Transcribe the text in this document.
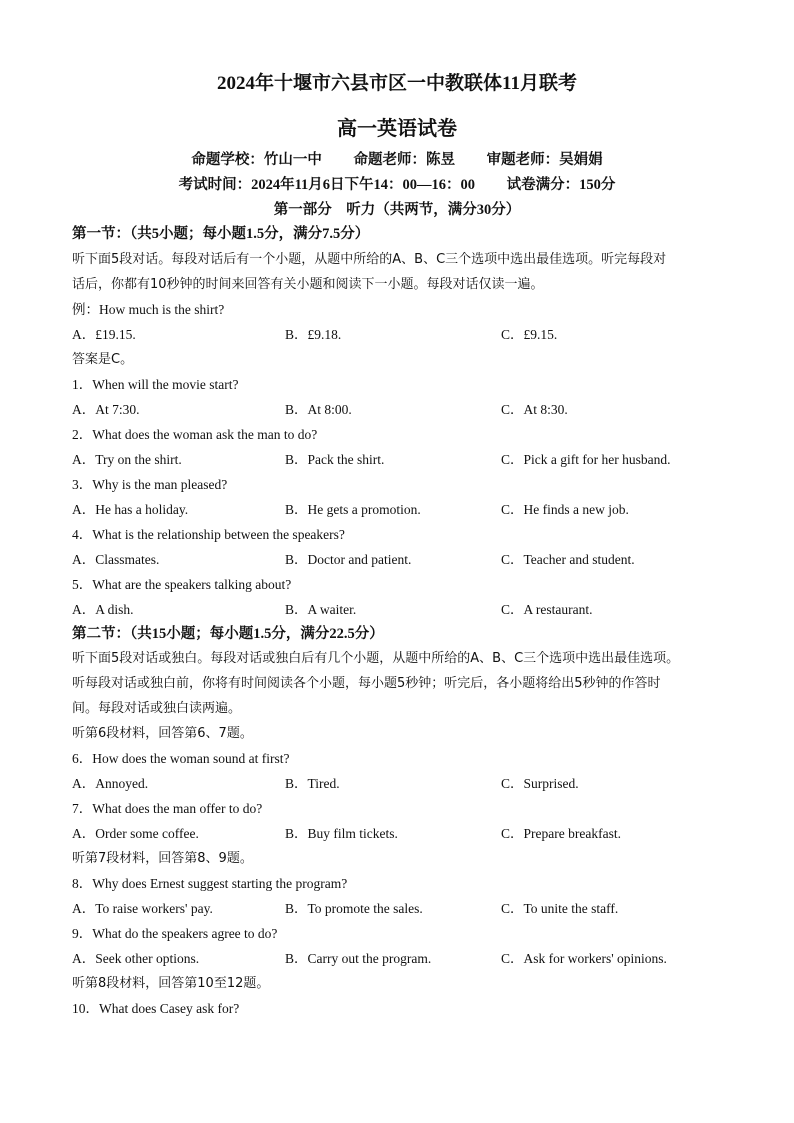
2024年十堰市六县市区一中教联体11月联考
高一英语试卷
命题学校：竹山一中 命题老师：陈昱 审题老师：吴娟娟
考试时间：2024年11月6日下午14：00—16：00 试卷满分：150分
第一部分　听力（共两节，满分30分）
第一节：（共5小题；每小题1.5分，满分7.5分）
听下面5段对话。每段对话后有一个小题，从题中所给的A、B、C三个选项中选出最佳选项。听完每段对
话后，你都有10秒钟的时间来回答有关小题和阅读下一小题。每段对话仅读一遍。
例：How much is the shirt?
A．£19.15.	B．£9.18.	C．£9.15.
答案是C。
1．When will the movie start?
A．At 7:30.	B．At 8:00.	C．At 8:30.
2．What does the woman ask the man to do?
A．Try on the shirt.	B．Pack the shirt.	C．Pick a gift for her husband.
3．Why is the man pleased?
A．He has a holiday.	B．He gets a promotion.	C．He finds a new job.
4．What is the relationship between the speakers?
A．Classmates.	B．Doctor and patient.	C．Teacher and student.
5．What are the speakers talking about?
A．A dish.	B．A waiter.	C．A restaurant.
第二节：（共15小题；每小题1.5分，满分22.5分）
听下面5段对话或独白。每段对话或独白后有几个小题，从题中所给的A、B、C三个选项中选出最佳选项。
听每段对话或独白前，你将有时间阅读各个小题，每小题5秒钟；听完后，各小题将给出5秒钟的作答时
间。每段对话或独白读两遍。
听第6段材料，回答第6、7题。
6．How does the woman sound at first?
A．Annoyed.	B．Tired.	C．Surprised.
7．What does the man offer to do?
A．Order some coffee.	B．Buy film tickets.	C．Prepare breakfast.
听第7段材料，回答第8、9题。
8．Why does Ernest suggest starting the program?
A．To raise workers' pay.	B．To promote the sales.	C．To unite the staff.
9．What do the speakers agree to do?
A．Seek other options.	B．Carry out the program.	C．Ask for workers' opinions.
听第8段材料，回答第10至12题。
10．What does Casey ask for?
